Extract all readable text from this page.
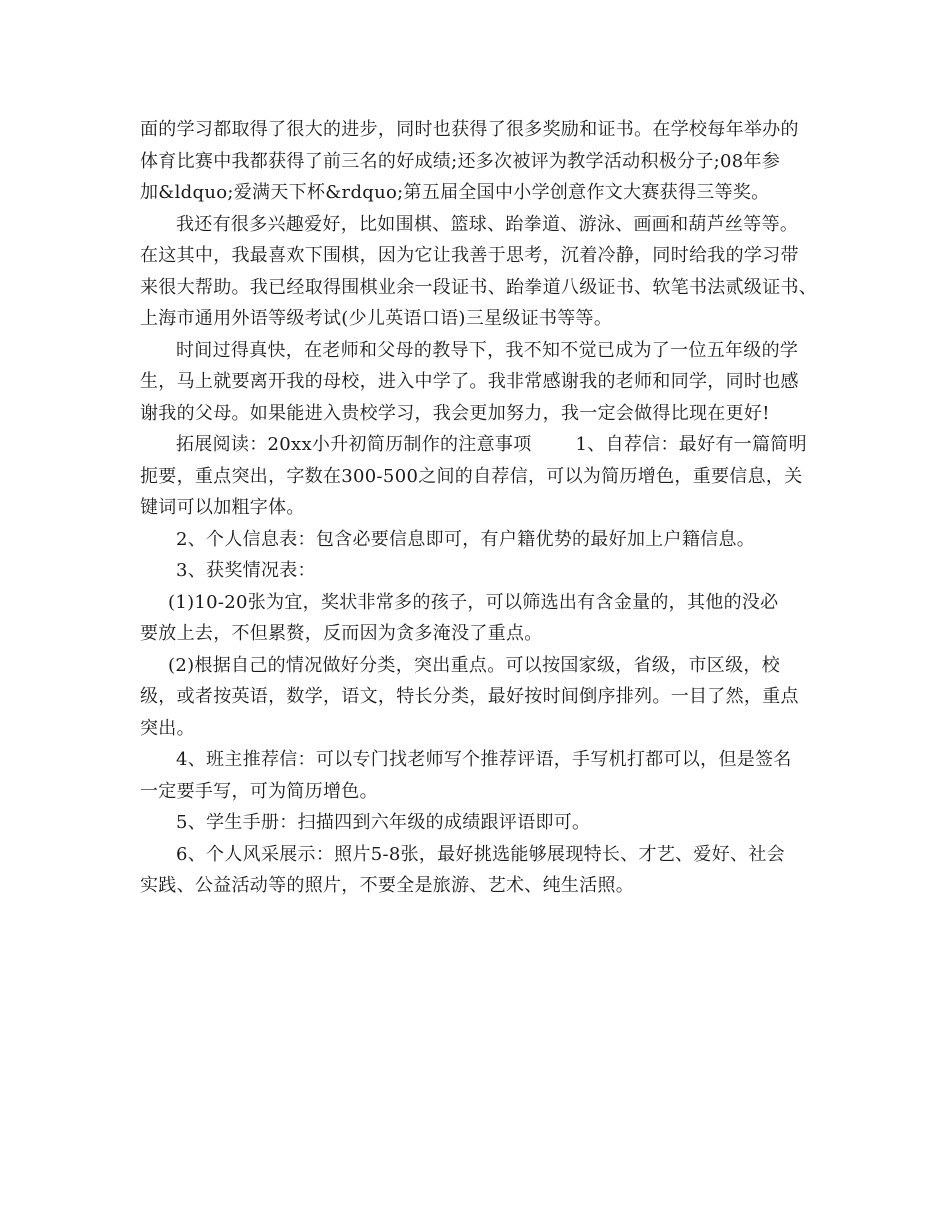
面的学习都取得了很大的进步，同时也获得了很多奖励和证书。在学校每年举办的
体育比赛中我都获得了前三名的好成绩;还多次被评为教学活动积极分子;08年参
加&ldquo;爱满天下杯&rdquo;第五届全国中小学创意作文大赛获得三等奖。
我还有很多兴趣爱好，比如围棋、篮球、跆拳道、游泳、画画和葫芦丝等等。
在这其中，我最喜欢下围棋，因为它让我善于思考，沉着冷静，同时给我的学习带
来很大帮助。我已经取得围棋业余一段证书、跆拳道八级证书、软笔书法贰级证书、
上海市通用外语等级考试(少儿英语口语)三星级证书等等。
时间过得真快，在老师和父母的教导下，我不知不觉已成为了一位五年级的学
生，马上就要离开我的母校，进入中学了。我非常感谢我的老师和同学，同时也感
谢我的父母。如果能进入贵校学习，我会更加努力，我一定会做得比现在更好!
拓展阅读：20xx小升初简历制作的注意事项 1、自荐信：最好有一篇简明
扼要，重点突出，字数在300-500之间的自荐信，可以为简历增色，重要信息，关
键词可以加粗字体。
2、个人信息表：包含必要信息即可，有户籍优势的最好加上户籍信息。
3、获奖情况表：
(1)10-20张为宜，奖状非常多的孩子，可以筛选出有含金量的，其他的没必
要放上去，不但累赘，反而因为贪多淹没了重点。
(2)根据自己的情况做好分类，突出重点。可以按国家级，省级，市区级，校
级，或者按英语，数学，语文，特长分类，最好按时间倒序排列。一目了然，重点
突出。
4、班主推荐信：可以专门找老师写个推荐评语，手写机打都可以，但是签名
一定要手写，可为简历增色。
5、学生手册：扫描四到六年级的成绩跟评语即可。
6、个人风采展示：照片5-8张，最好挑选能够展现特长、才艺、爱好、社会
实践、公益活动等的照片，不要全是旅游、艺术、纯生活照。
